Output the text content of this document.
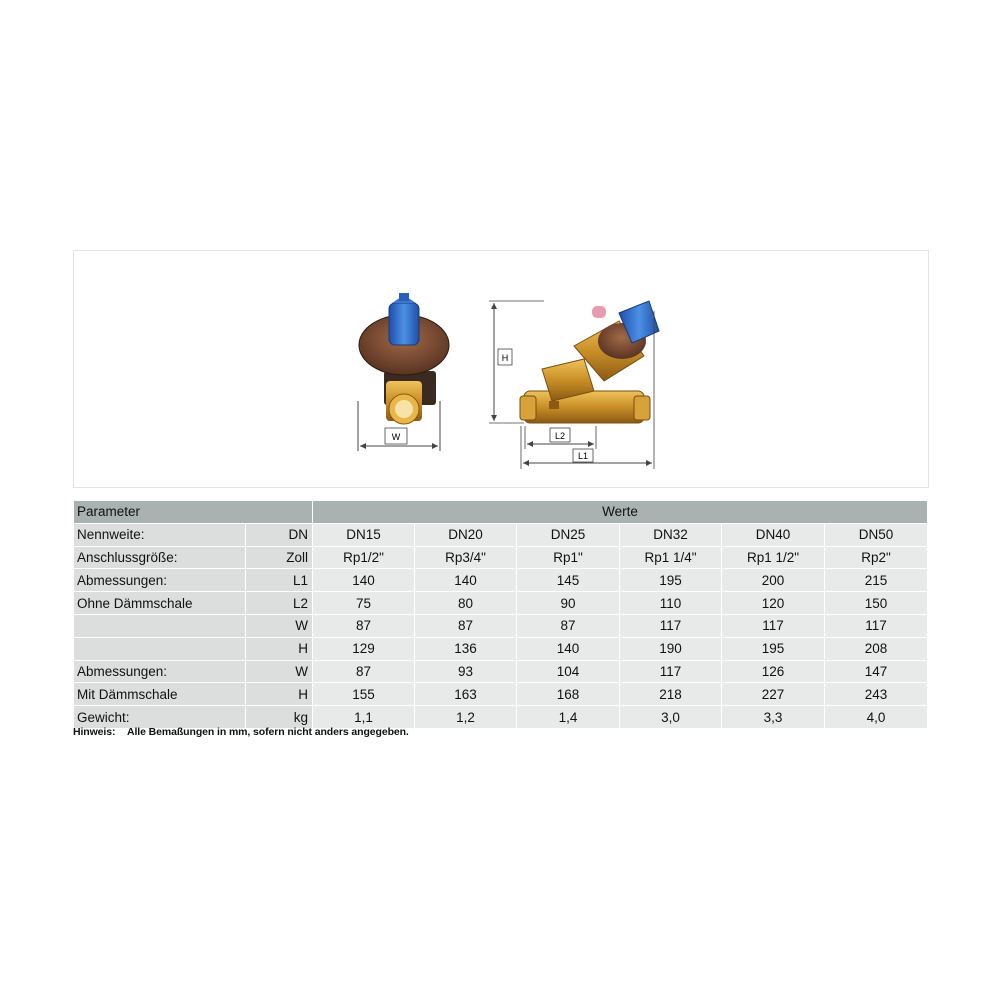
W
H
L2
L1
Parameter		Werte					
Nennweite:	DN	DN15	DN20	DN25	DN32	DN40	DN50
Anschlussgröße:	Zoll	Rp1/2"	Rp3/4"	Rp1"	Rp1 1/4"	Rp1 1/2"	Rp2"
Abmessungen:	L1	140	140	145	195	200	215
Ohne Dämmschale	L2	75	80	90	110	120	150
	W	87	87	87	117	117	117
	H	129	136	140	190	195	208
Abmessungen:	W	87	93	104	117	126	147
Mit Dämmschale	H	155	163	168	218	227	243
Gewicht:	kg	1,1	1,2	1,4	3,0	3,3	4,0
Hinweis: Alle Bemaßungen in mm, sofern nicht anders angegeben.
